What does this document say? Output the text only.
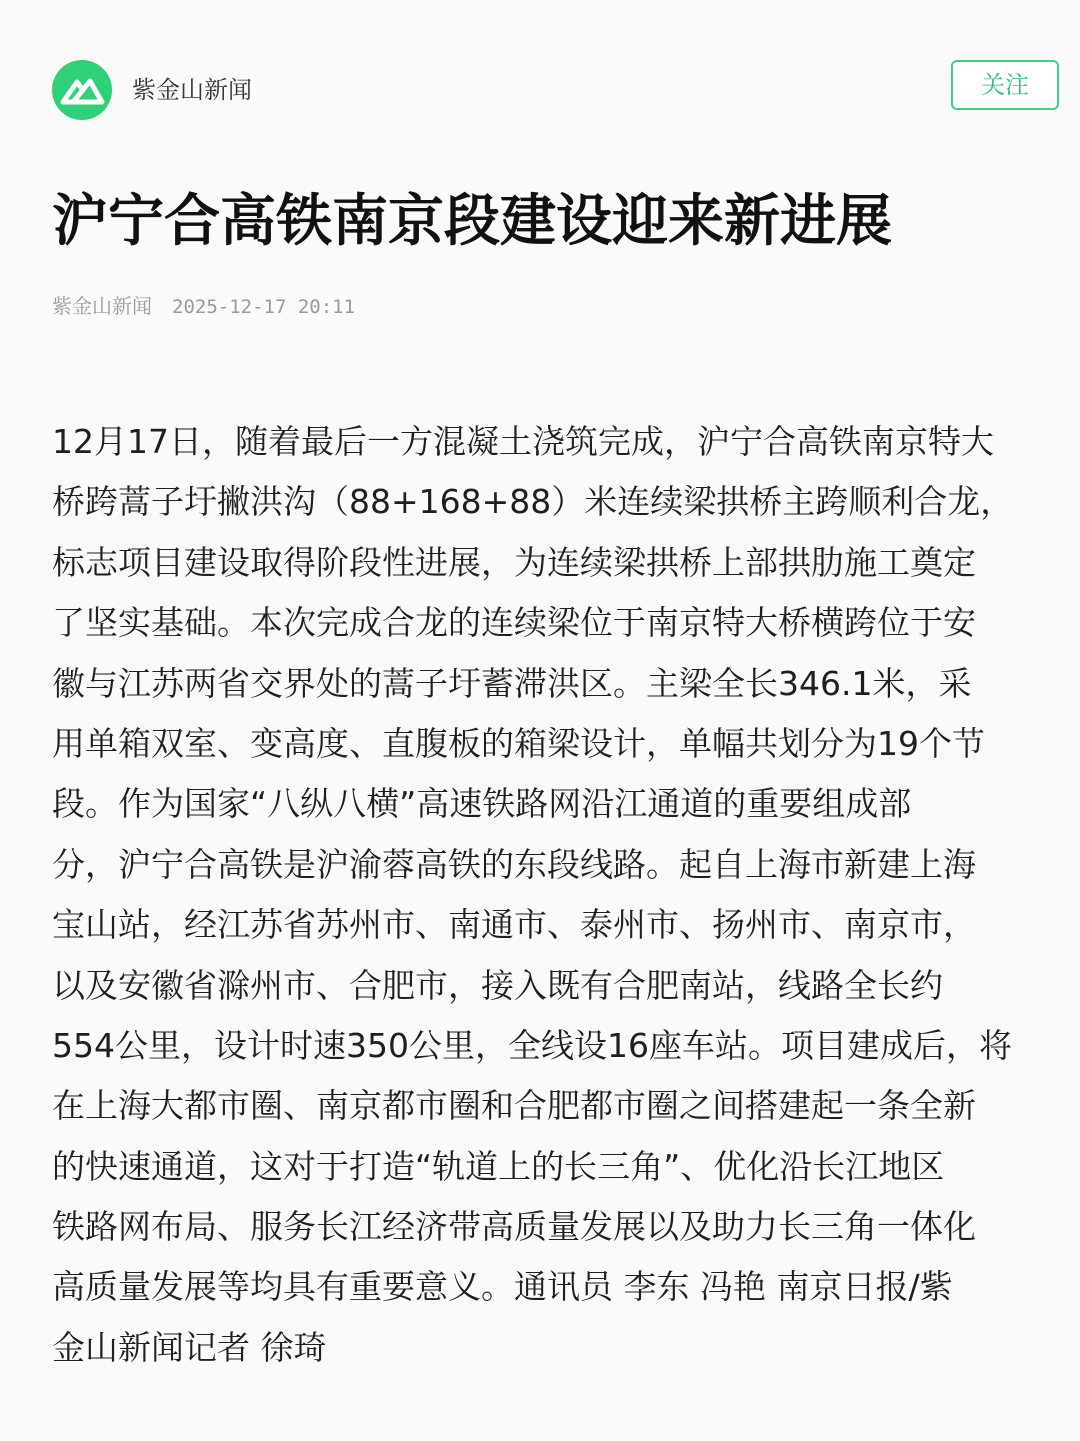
紫金山新闻	关注
沪宁合高铁南京段建设迎来新进展
紫金山新闻 2025-12-17 20:11
12月17日，随着最后一方混凝土浇筑完成，沪宁合高铁南京特大
桥跨蒿子圩撇洪沟（88+168+88）米连续梁拱桥主跨顺利合龙，
标志项目建设取得阶段性进展，为连续梁拱桥上部拱肋施工奠定
了坚实基础。本次完成合龙的连续梁位于南京特大桥横跨位于安
徽与江苏两省交界处的蒿子圩蓄滞洪区。主梁全长346.1米，采
用单箱双室、变高度、直腹板的箱梁设计，单幅共划分为19个节
段。作为国家“八纵八横”高速铁路网沿江通道的重要组成部
分，沪宁合高铁是沪渝蓉高铁的东段线路。起自上海市新建上海
宝山站，经江苏省苏州市、南通市、泰州市、扬州市、南京市，
以及安徽省滁州市、合肥市，接入既有合肥南站，线路全长约
554公里，设计时速350公里，全线设16座车站。项目建成后，将
在上海大都市圈、南京都市圈和合肥都市圈之间搭建起一条全新
的快速通道，这对于打造“轨道上的长三角”、优化沿长江地区
铁路网布局、服务长江经济带高质量发展以及助力长三角一体化
高质量发展等均具有重要意义。通讯员 李东 冯艳 南京日报/紫
金山新闻记者 徐琦
